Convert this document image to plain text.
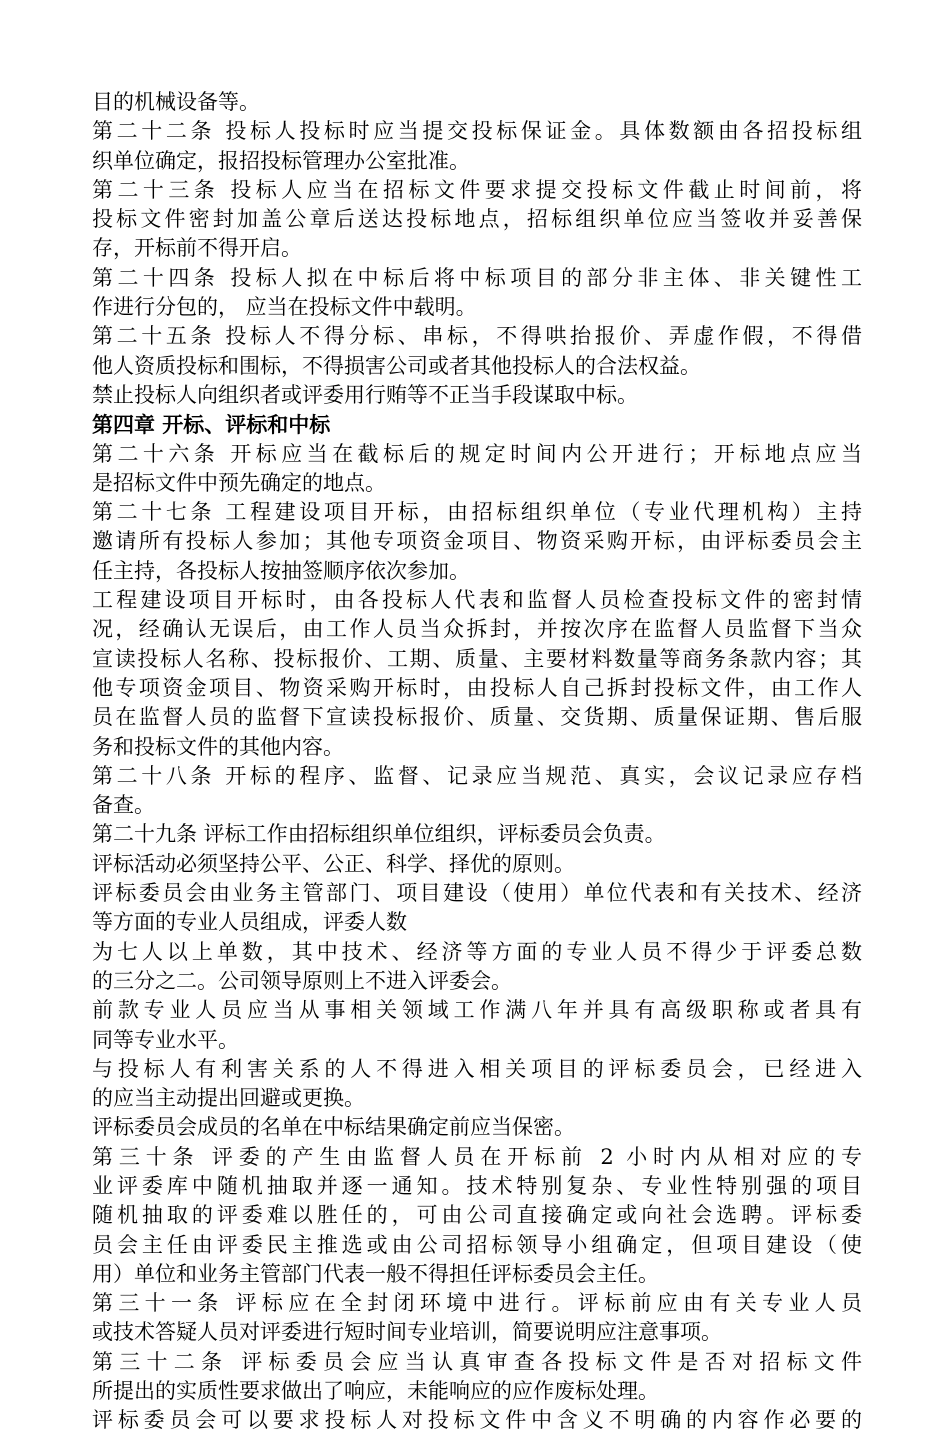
目的机械设备等。
第二十二条 投标人投标时应当提交投标保证金。具体数额由各招投标组
织单位确定，报招投标管理办公室批准。
第二十三条 投标人应当在招标文件要求提交投标文件截止时间前，将
投标文件密封加盖公章后送达投标地点，招标组织单位应当签收并妥善保
存，开标前不得开启。
第二十四条 投标人拟在中标后将中标项目的部分非主体、非关键性工
作进行分包的， 应当在投标文件中载明。
第二十五条 投标人不得分标、串标，不得哄抬报价、弄虚作假，不得借
他人资质投标和围标，不得损害公司或者其他投标人的合法权益。
禁止投标人向组织者或评委用行贿等不正当手段谋取中标。
第四章 开标、评标和中标
第二十六条 开标应当在截标后的规定时间内公开进行；开标地点应当
是招标文件中预先确定的地点。
第二十七条 工程建设项目开标，由招标组织单位（专业代理机构）主持
邀请所有投标人参加；其他专项资金项目、物资采购开标，由评标委员会主
任主持，各投标人按抽签顺序依次参加。
工程建设项目开标时，由各投标人代表和监督人员检查投标文件的密封情
况，经确认无误后，由工作人员当众拆封，并按次序在监督人员监督下当众
宣读投标人名称、投标报价、工期、质量、主要材料数量等商务条款内容；其
他专项资金项目、物资采购开标时，由投标人自己拆封投标文件，由工作人
员在监督人员的监督下宣读投标报价、质量、交货期、质量保证期、售后服
务和投标文件的其他内容。
第二十八条 开标的程序、监督、记录应当规范、真实，会议记录应存档
备查。
第二十九条 评标工作由招标组织单位组织，评标委员会负责。
评标活动必须坚持公平、公正、科学、择优的原则。
评标委员会由业务主管部门、项目建设（使用）单位代表和有关技术、经济
等方面的专业人员组成，评委人数
为七人以上单数，其中技术、经济等方面的专业人员不得少于评委总数
的三分之二。公司领导原则上不进入评委会。
前款专业人员应当从事相关领域工作满八年并具有高级职称或者具有
同等专业水平。
与投标人有利害关系的人不得进入相关项目的评标委员会，已经进入
的应当主动提出回避或更换。
评标委员会成员的名单在中标结果确定前应当保密。
第三十条 评委的产生由监督人员在开标前 2 小时内从相对应的专
业评委库中随机抽取并逐一通知。技术特别复杂、专业性特别强的项目
随机抽取的评委难以胜任的，可由公司直接确定或向社会选聘。评标委
员会主任由评委民主推选或由公司招标领导小组确定，但项目建设（使
用）单位和业务主管部门代表一般不得担任评标委员会主任。
第三十一条 评标应在全封闭环境中进行。评标前应由有关专业人员
或技术答疑人员对评委进行短时间专业培训，简要说明应注意事项。
第三十二条 评标委员会应当认真审查各投标文件是否对招标文件
所提出的实质性要求做出了响应，未能响应的应作废标处理。
评标委员会可以要求投标人对投标文件中含义不明确的内容作必要的
